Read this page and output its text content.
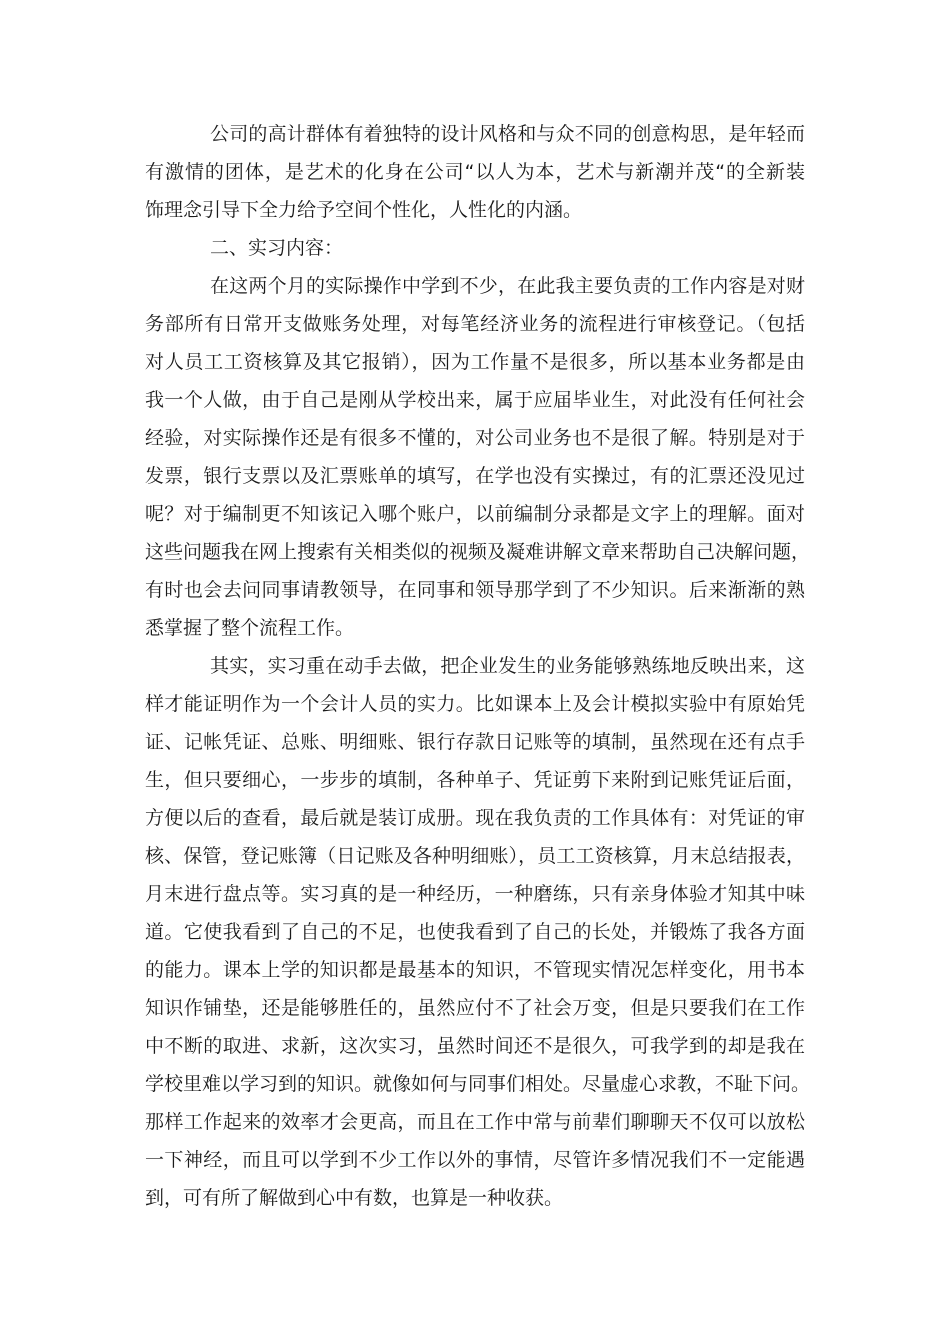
公司的高计群体有着独特的设计风格和与众不同的创意构思，是年轻而
有激情的团体，是艺术的化身在公司“以人为本，艺术与新潮并茂“的全新装
饰理念引导下全力给予空间个性化，人性化的内涵。
二、实习内容：
在这两个月的实际操作中学到不少，在此我主要负责的工作内容是对财
务部所有日常开支做账务处理，对每笔经济业务的流程进行审核登记。（包括
对人员工工资核算及其它报销），因为工作量不是很多，所以基本业务都是由
我一个人做，由于自己是刚从学校出来，属于应届毕业生，对此没有任何社会
经验，对实际操作还是有很多不懂的，对公司业务也不是很了解。特别是对于
发票，银行支票以及汇票账单的填写，在学也没有实操过，有的汇票还没见过
呢？对于编制更不知该记入哪个账户，以前编制分录都是文字上的理解。面对
这些问题我在网上搜索有关相类似的视频及凝难讲解文章来帮助自己决解问题，
有时也会去问同事请教领导，在同事和领导那学到了不少知识。后来渐渐的熟
悉掌握了整个流程工作。
其实，实习重在动手去做，把企业发生的业务能够熟练地反映出来，这
样才能证明作为一个会计人员的实力。比如课本上及会计模拟实验中有原始凭
证、记帐凭证、总账、明细账、银行存款日记账等的填制，虽然现在还有点手
生，但只要细心，一步步的填制，各种单子、凭证剪下来附到记账凭证后面，
方便以后的查看，最后就是装订成册。现在我负责的工作具体有：对凭证的审
核、保管，登记账簿（日记账及各种明细账），员工工资核算，月末总结报表，
月末进行盘点等。实习真的是一种经历，一种磨练，只有亲身体验才知其中味
道。它使我看到了自己的不足，也使我看到了自己的长处，并锻炼了我各方面
的能力。课本上学的知识都是最基本的知识，不管现实情况怎样变化，用书本
知识作铺垫，还是能够胜任的，虽然应付不了社会万变，但是只要我们在工作
中不断的取进、求新，这次实习，虽然时间还不是很久，可我学到的却是我在
学校里难以学习到的知识。就像如何与同事们相处。尽量虚心求教，不耻下问。
那样工作起来的效率才会更高，而且在工作中常与前辈们聊聊天不仅可以放松
一下神经，而且可以学到不少工作以外的事情，尽管许多情况我们不一定能遇
到，可有所了解做到心中有数，也算是一种收获。
